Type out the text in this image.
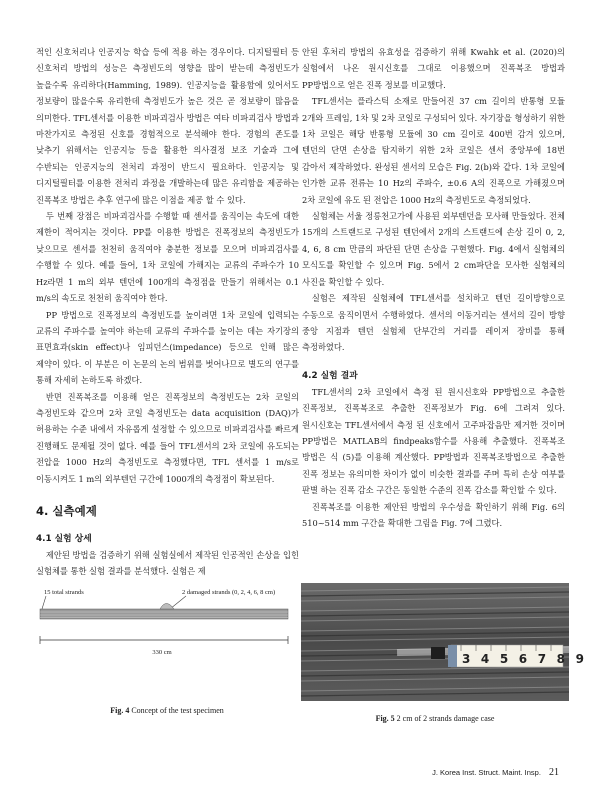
적인 신호처리나 인공지능 학습 등에 적용 하는 경우이다. 디지털필터 등 신호처리 방법의 성능은 측정빈도의 영향을 많이 받는데 측정빈도가 높을수록 유리하다(Hamming, 1989). 인공지능을 활용함에 있어서도 정보량이 많을수록 유리한데 측정빈도가 높은 것은 곧 정보량이 많음을 의미한다. TFL센서를 이용한 비파괴검사 방법은 여타 비파괴검사 방법과 마찬가지로 측정된 신호를 경험적으로 분석해야 한다. 경험의 존도를 낮추기 위해서는 인공지능 등을 활용한 의사결정 보조 기술과 그에 수반되는 인공지능의 전처리 과정이 반드시 필요하다. 인공지능 및 디지털필터를 이용한 전처리 과정을 개발하는데 많은 유리함을 제공하는 진폭복조 방법은 추후 연구에 많은 이점을 제공 할 수 있다.

두 번째 장점은 비파괴검사를 수행할 때 센서를 움직이는 속도에 대한 제한이 적어지는 것이다. PP를 이용한 방법은 진폭정보의 측정빈도가 낮으므로 센서를 천천히 움직여야 충분한 정보를 모으며 비파괴검사를 수행할 수 있다. 예를 들어, 1차 코일에 가해지는 교류의 주파수가 10 Hz라면 1 m의 외부 텐던에 100개의 측정점을 만들기 위해서는 0.1 m/s의 속도로 천천히 움직여야 한다.

PP 방법으로 진폭정보의 측정빈도를 높이려면 1차 코일에 입력되는 교류의 주파수를 높여야 하는데 교류의 주파수를 높이는 데는 자기장의 표면효과(skin effect)나 임피던스(impedance) 등으로 인해 많은 제약이 있다. 이 부분은 이 논문의 논의 범위를 벗어나므로 별도의 연구를 통해 자세히 논하도록 하겠다.

반면 진폭복조를 이용해 얻은 진폭정보의 측정빈도는 2차 코일의 측정빈도와 같으며 2차 코일 측정빈도는 data acquisition (DAQ)가 허용하는 수준 내에서 자유롭게 설정할 수 있으므로 비파괴검사를 빠르게 진행해도 문제될 것이 없다. 예를 들어 TFL센서의 2차 코일에 유도되는 전압을 1000 Hz의 측정빈도로 측정했다면, TFL 센서를 1 m/s로 이동시켜도 1 m의 외부텐던 구간에 1000개의 측정점이 확보된다.

4. 실측예제
4.1 실험 상세

제안된 방법을 검증하기 위해 실험실에서 제작된 인공적인 손상을 입힌 실험체를 통한 실험 결과를 분석했다. 실험은 제

안된 후처리 방법의 유효성을 검증하기 위해 Kwahk et al. (2020)의 실험에서 나온 원시신호를 그대로 이용했으며 진폭복조 방법과 PP방법으로 얻은 진폭 정보를 비교했다.

TFL센서는 플라스틱 소재로 만들어진 37 cm 길이의 반통형 모듈 2개와 프레임, 1차 및 2차 코일로 구성되어 있다. 자기장을 형성하기 위한 1차 코일은 해당 반통형 모듈에 30 cm 길이로 400번 감겨 있으며, 텐던의 단면 손상을 탐지하기 위한 2차 코일은 센서 중앙부에 18번 감아서 제작하였다. 완성된 센서의 모습은 Fig. 2(b)와 같다. 1차 코일에 인가한 교류 전류는 10 Hz의 주파수, ±0.6 A의 진폭으로 가해졌으며 2차 코일에 유도 된 전압은 1000 Hz의 측정빈도로 측정되었다.

실험체는 서울 정릉천고가에 사용된 외부텐던을 모사해 만들었다. 전체 15개의 스트랜드로 구성된 텐던에서 2개의 스트랜드에 손상 길이 0, 2, 4, 6, 8 cm 만큼의 파단된 단면 손상을 구현했다. Fig. 4에서 실험체의 모식도를 확인할 수 있으며 Fig. 5에서 2 cm파단을 모사한 실험체의 사진을 확인할 수 있다.

실험은 제작된 실험체에 TFL센서를 설치하고 텐던 길이방향으로 수동으로 움직이면서 수행하였다. 센서의 이동거리는 센서의 길이 방향 중앙 지점과 텐던 실험체 단부간의 거리를 레이저 장비를 통해 측정하였다.

4.2 실험 결과

TFL센서의 2차 코일에서 측정 된 원시신호와 PP방법으로 추출한 진폭정보, 진폭복조로 추출한 진폭정보가 Fig. 6에 그려져 있다. 원시신호는 TFL센서에서 측정 된 신호에서 고주파잡음만 제거한 것이며 PP방법은 MATLAB의 findpeaks함수를 사용해 추출했다. 진폭복조 방법은 식 (5)를 이용해 계산했다. PP방법과 진폭복조방법으로 추출한 진폭 정보는 유의미한 차이가 없이 비슷한 결과를 주며 특히 손상 여부를 판별 하는 진폭 감소 구간은 동일한 수준의 진폭 감소를 확인할 수 있다.

진폭복조를 이용한 제안된 방법의 우수성을 확인하기 위해 Fig. 6의 510~514 mm 구간을 확대한 그림을 Fig. 7에 그렸다.

15 total strands	2 damaged strands (0, 2, 4, 6, 8 cm)
330 cm
Fig. 4 Concept of the test specimen
3 4 5 6 7 8 9
Fig. 5 2 cm of 2 strands damage case
J. Korea Inst. Struct. Maint. Insp. 21
